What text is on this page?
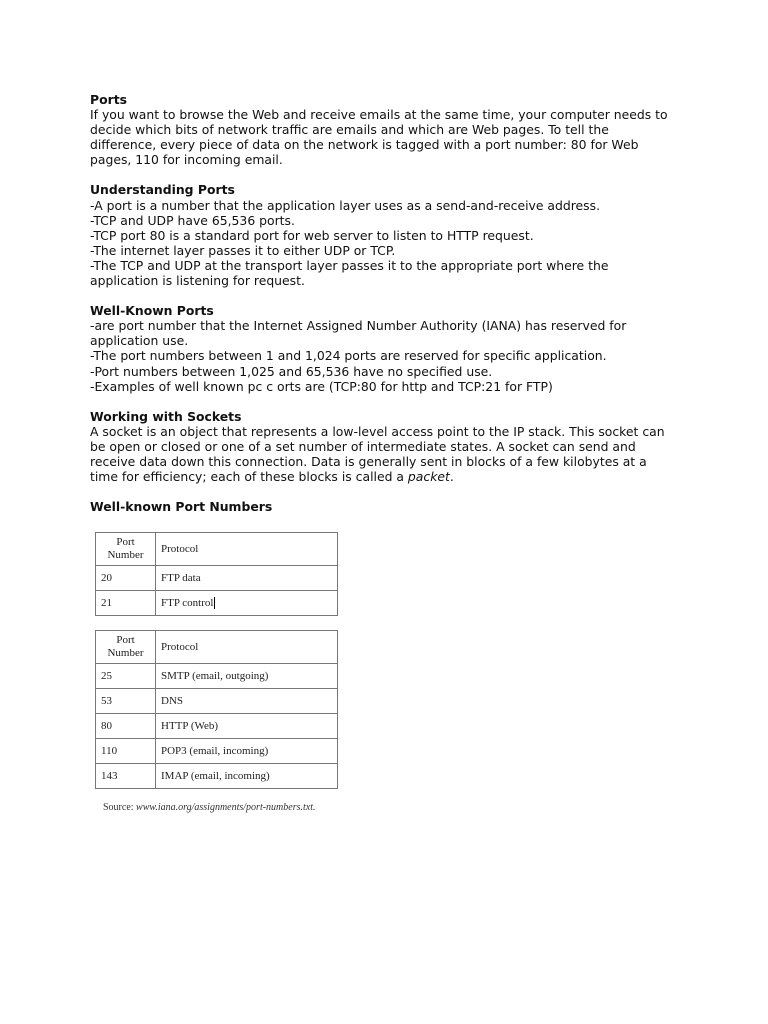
Ports
If you want to browse the Web and receive emails at the same time, your computer needs to
decide which bits of network traffic are emails and which are Web pages. To tell the
difference, every piece of data on the network is tagged with a port number: 80 for Web
pages, 110 for incoming email.
Understanding Ports
-A port is a number that the application layer uses as a send-and-receive address.
-TCP and UDP have 65,536 ports.
-TCP port 80 is a standard port for web server to listen to HTTP request.
-The internet layer passes it to either UDP or TCP.
-The TCP and UDP at the transport layer passes it to the appropriate port where the
application is listening for request.
Well-Known Ports
-are port number that the Internet Assigned Number Authority (IANA) has reserved for
application use.
-The port numbers between 1 and 1,024 ports are reserved for specific application.
-Port numbers between 1,025 and 65,536 have no specified use.
-Examples of well known pc c orts are (TCP:80 for http and TCP:21 for FTP)
Working with Sockets
A socket is an object that represents a low-level access point to the IP stack. This socket can
be open or closed or one of a set number of intermediate states. A socket can send and
receive data down this connection. Data is generally sent in blocks of a few kilobytes at a
time for efficiency; each of these blocks is called a packet.
Well-known Port Numbers
Port Number	Protocol
20	FTP data
21	FTP control
Port Number	Protocol
25	SMTP (email, outgoing)
53	DNS
80	HTTP (Web)
110	POP3 (email, incoming)
143	IMAP (email, incoming)
Source: www.iana.org/assignments/port-numbers.txt.
